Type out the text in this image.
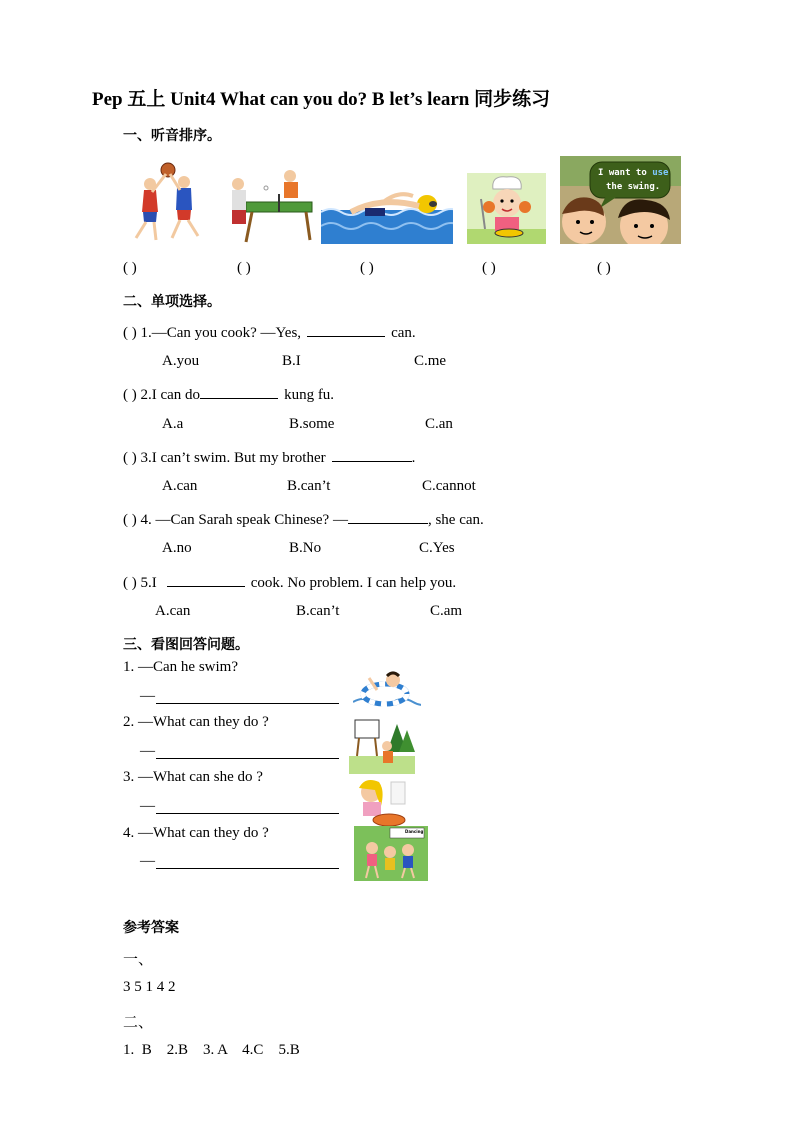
Pep 五上 Unit4 What can you do? B let’s learn 同步练习
一、听音排序。
I want to use
the swing.
( )	( )	( )	( )	( )
二、单项选择。
( ) 1.—Can you cook? —Yes,	can.
A.you	B.I	C.me
( ) 2.I can do	kung fu.
A.a	B.some	C.an
( ) 3.I can’t swim. But my brother	.
A.can	B.can’t	C.cannot
( ) 4. —Can Sarah speak Chinese? —	, she can.
A.no	B.No	C.Yes
( ) 5.I	cook. No problem. I can help you.
A.can	B.can’t	C.am
三、看图回答问题。
1. —Can he swim?
—
2. —What can they do ?
—
3. —What can she do ?
—
4. —What can they do ?
—
Dancing
参考答案
一、
3 5 1 4 2
二、
1.  B    2.B    3. A    4.C    5.B
